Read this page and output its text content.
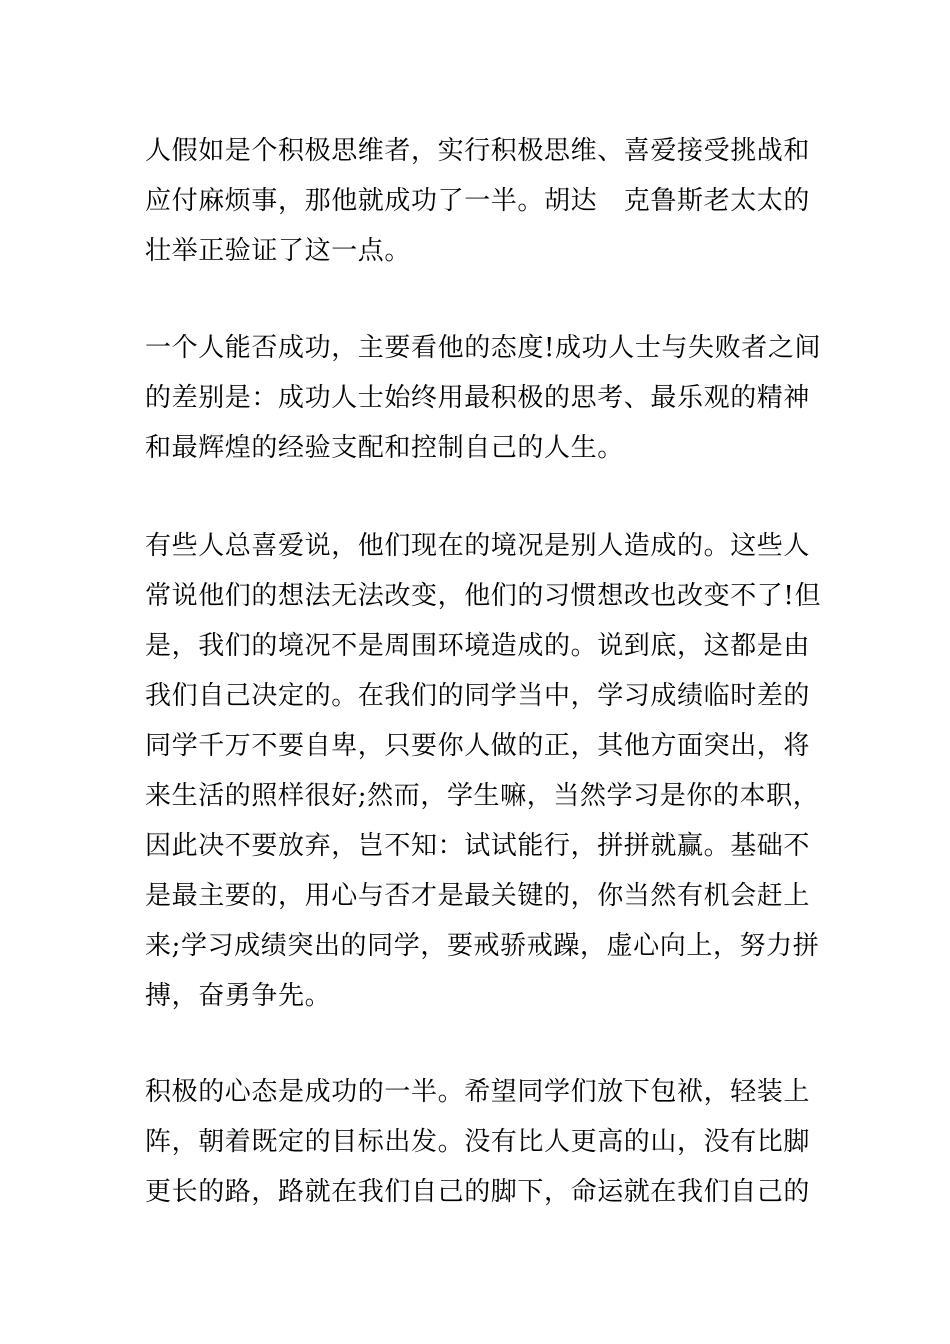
人假如是个积极思维者，实行积极思维、喜爱接受挑战和
应付麻烦事，那他就成功了一半。胡达　克鲁斯老太太的
壮举正验证了这一点。
一个人能否成功，主要看他的态度!成功人士与失败者之间
的差别是：成功人士始终用最积极的思考、最乐观的精神
和最辉煌的经验支配和控制自己的人生。
有些人总喜爱说，他们现在的境况是别人造成的。这些人
常说他们的想法无法改变，他们的习惯想改也改变不了!但
是，我们的境况不是周围环境造成的。说到底，这都是由
我们自己决定的。在我们的同学当中，学习成绩临时差的
同学千万不要自卑，只要你人做的正，其他方面突出，将
来生活的照样很好;然而，学生嘛，当然学习是你的本职，
因此决不要放弃，岂不知：试试能行，拼拼就赢。基础不
是最主要的，用心与否才是最关键的，你当然有机会赶上
来;学习成绩突出的同学，要戒骄戒躁，虚心向上，努力拼
搏，奋勇争先。
积极的心态是成功的一半。希望同学们放下包袱，轻装上
阵，朝着既定的目标出发。没有比人更高的山，没有比脚
更长的路，路就在我们自己的脚下，命运就在我们自己的
